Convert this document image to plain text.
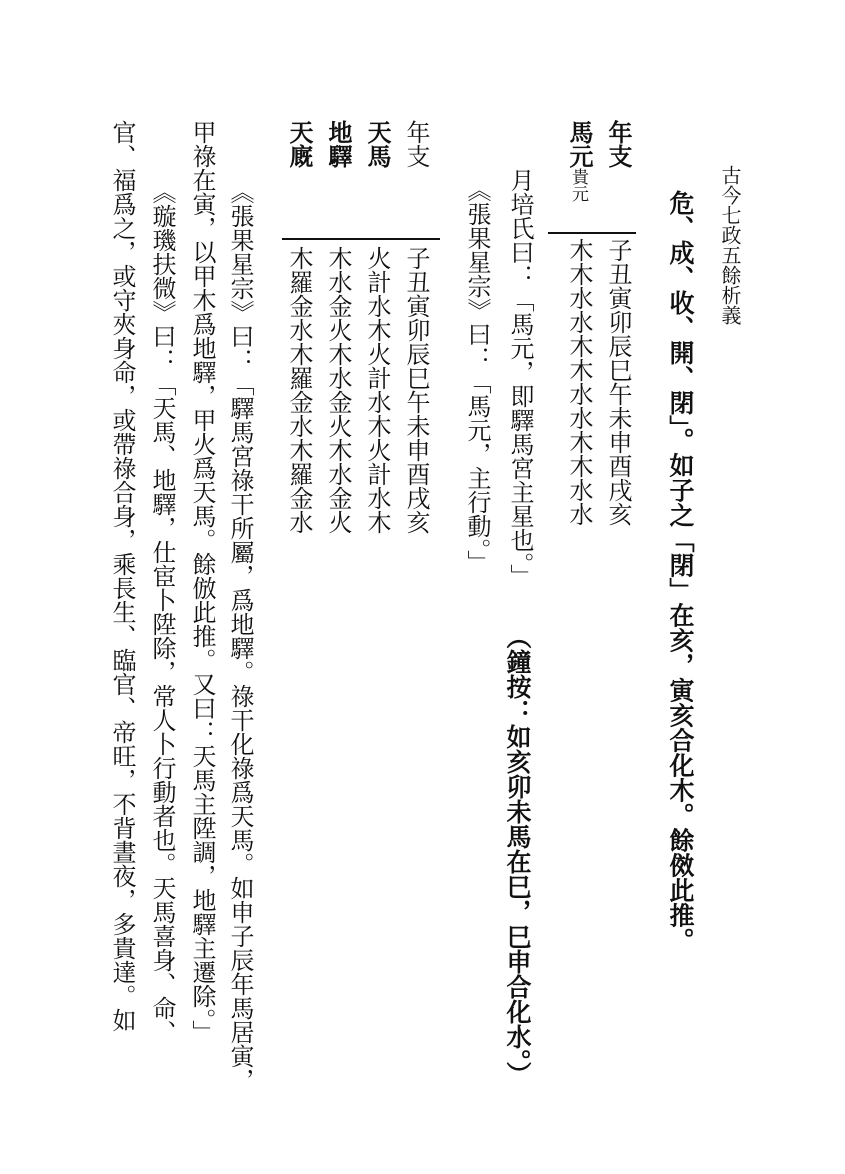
古今七政五餘析義
危、成、收、開、閉」。如子之「閉」在亥，寅亥合化木。餘傚此推。
（鐘按：如亥卯未馬在巳，巳申合化水。）
年支
子丑寅卯辰巳午未申酉戌亥
馬元
貴元
木木水水木木水水木木水水
月培氏曰：「馬元，即驛馬宮主星也。」
《張果星宗》曰：「馬元，主行動。」
年支
子丑寅卯辰巳午未申酉戌亥
天馬
火計水木火計水木火計水木
地驛
木水金火木水金火木水金火
天廐
木羅金水木羅金水木羅金水
《張果星宗》曰：「驛馬宮祿干所屬，爲地驛。祿干化祿爲天馬。如申子辰年馬居寅，
甲祿在寅，以甲木爲地驛，甲火爲天馬。餘倣此推。又曰：天馬主陞調，地驛主遷除。」
《璇璣扶微》曰：「天馬、地驛，仕宦卜陞除，常人卜行動者也。天馬喜身、命、
官、福爲之，或守夾身命，或帶祿合身，乘長生、臨官、帝旺，不背晝夜，多貴達。如
